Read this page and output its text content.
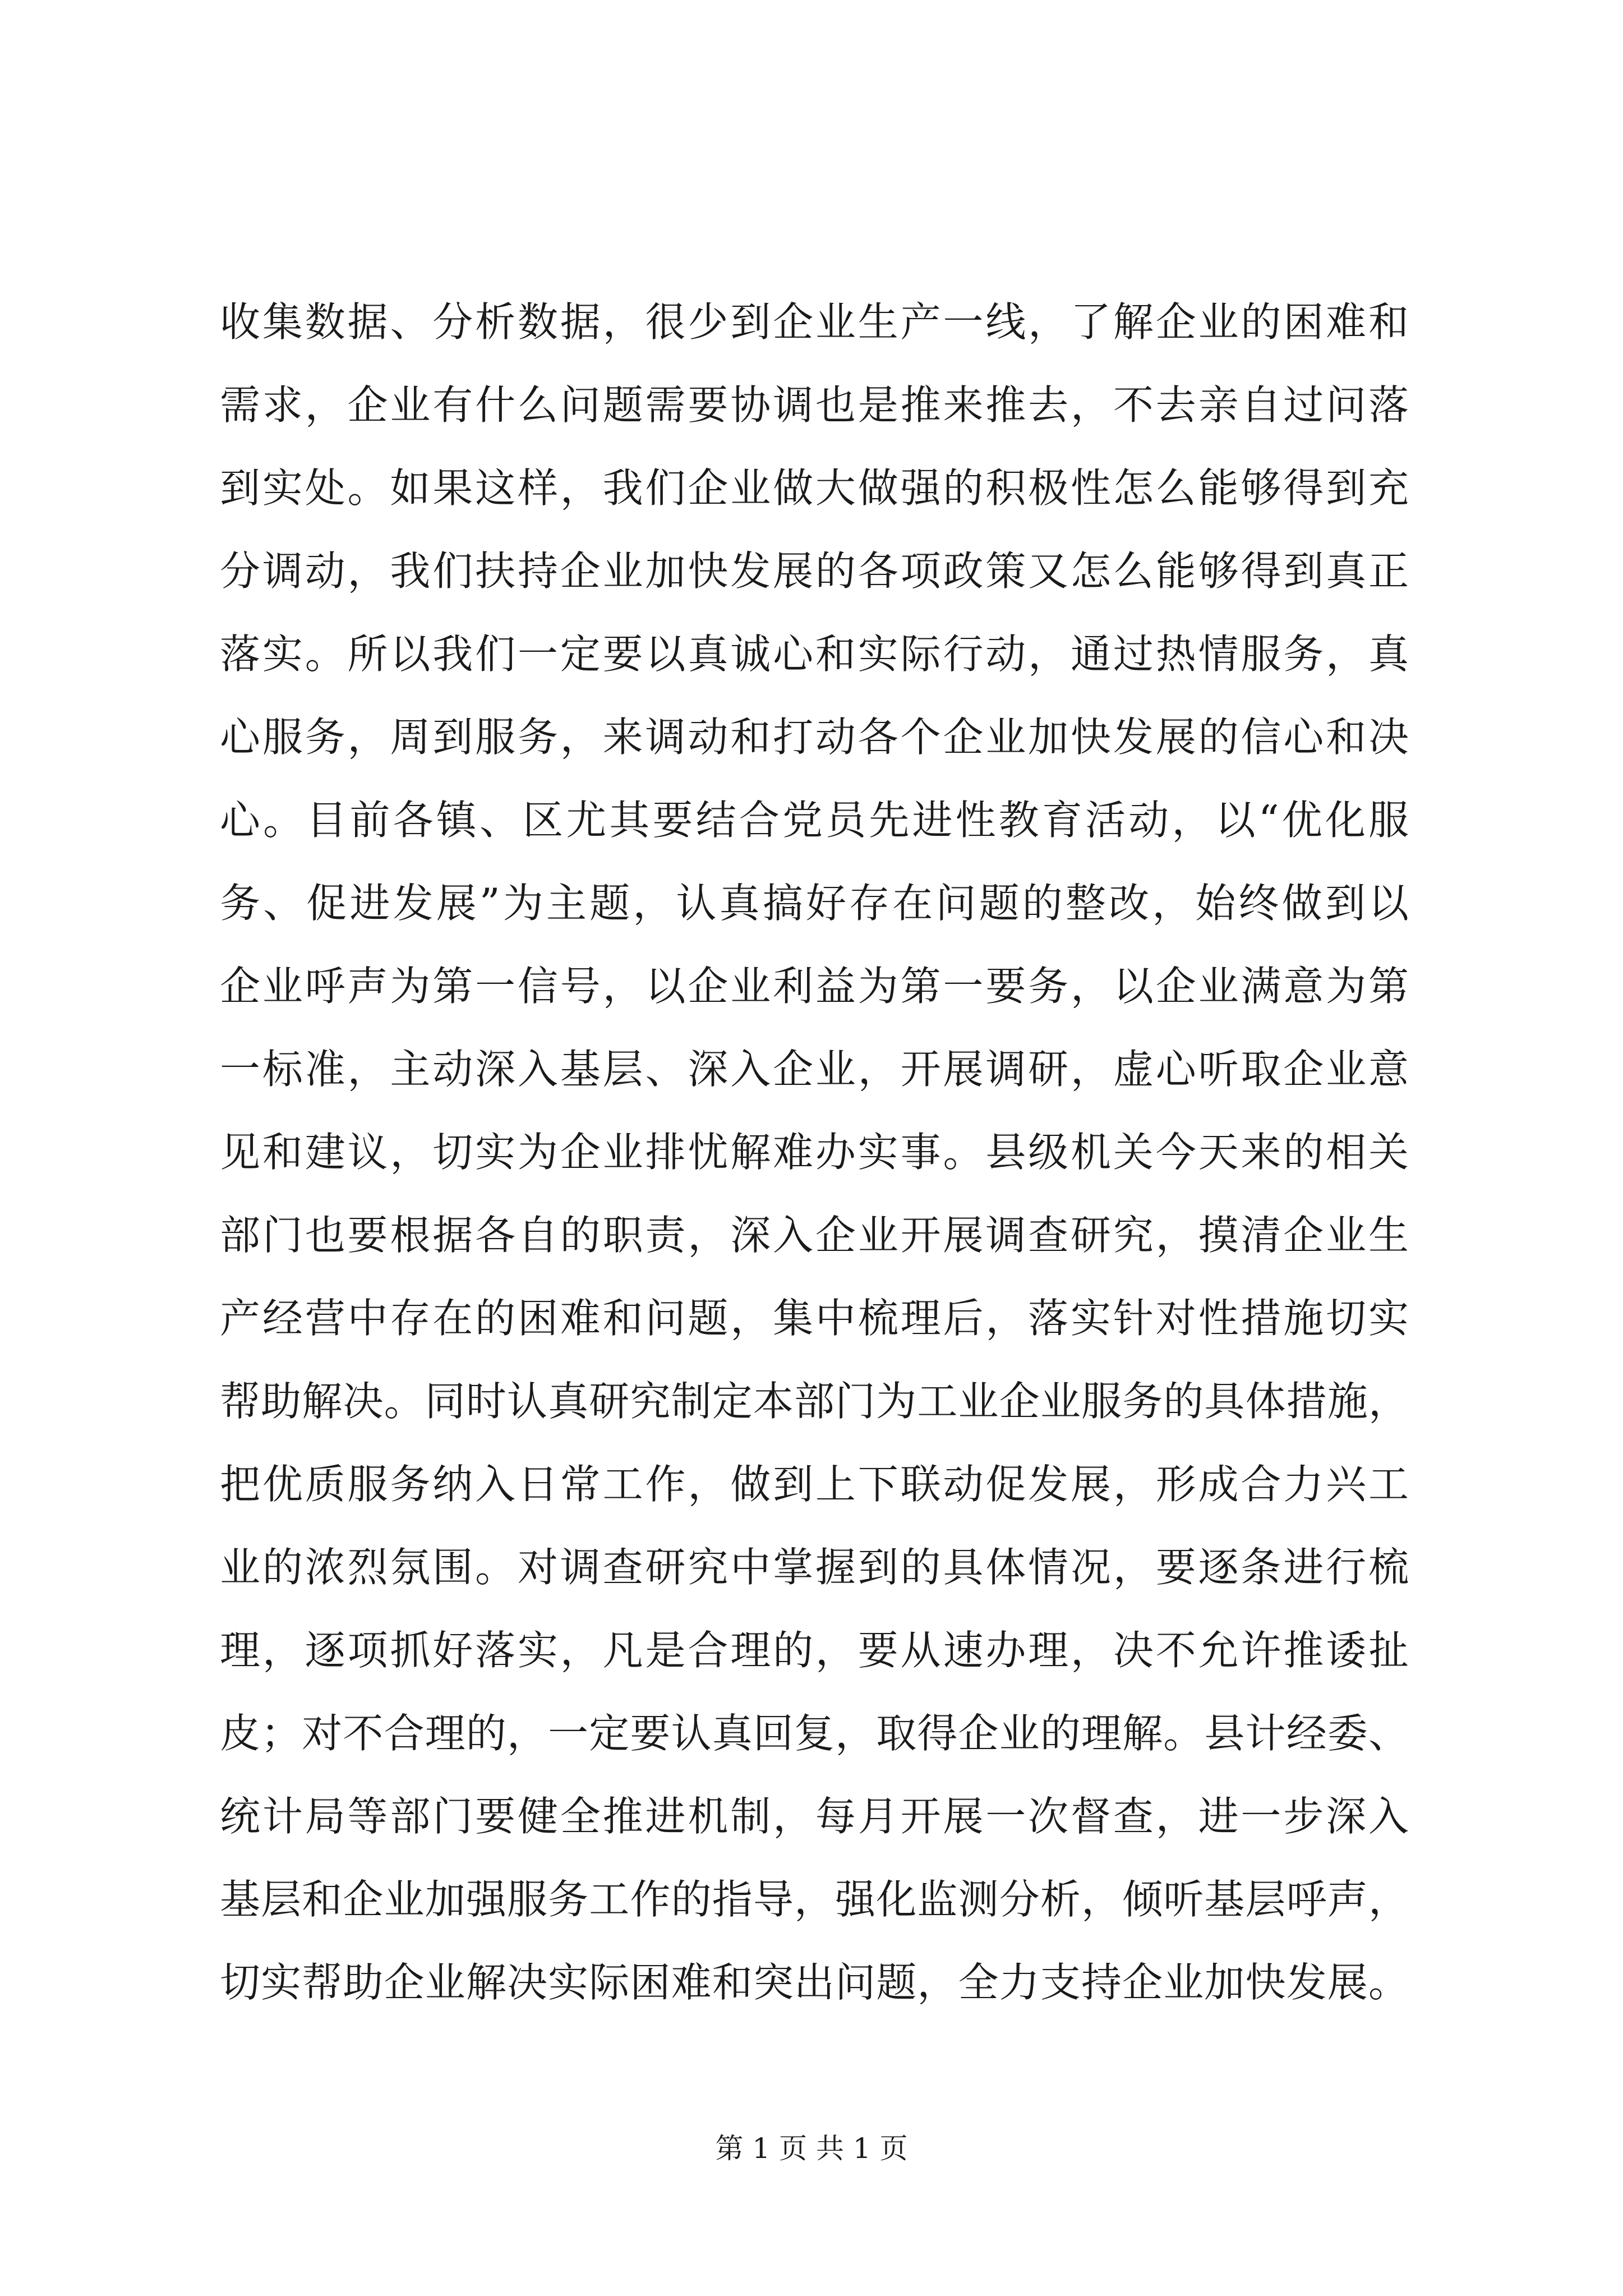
收集数据、分析数据，很少到企业生产一线，了解企业的困难和
需求，企业有什么问题需要协调也是推来推去，不去亲自过问落
到实处。如果这样，我们企业做大做强的积极性怎么能够得到充
分调动，我们扶持企业加快发展的各项政策又怎么能够得到真正
落实。所以我们一定要以真诚心和实际行动，通过热情服务，真
心服务，周到服务，来调动和打动各个企业加快发展的信心和决
心。目前各镇、区尤其要结合党员先进性教育活动，以“优化服
务、促进发展”为主题，认真搞好存在问题的整改，始终做到以
企业呼声为第一信号，以企业利益为第一要务，以企业满意为第
一标准，主动深入基层、深入企业，开展调研，虚心听取企业意
见和建议，切实为企业排忧解难办实事。县级机关今天来的相关
部门也要根据各自的职责，深入企业开展调查研究，摸清企业生
产经营中存在的困难和问题，集中梳理后，落实针对性措施切实
帮助解决。同时认真研究制定本部门为工业企业服务的具体措施，
把优质服务纳入日常工作，做到上下联动促发展，形成合力兴工
业的浓烈氛围。对调查研究中掌握到的具体情况，要逐条进行梳
理，逐项抓好落实，凡是合理的，要从速办理，决不允许推诿扯
皮；对不合理的，一定要认真回复，取得企业的理解。县计经委、
统计局等部门要健全推进机制，每月开展一次督查，进一步深入
基层和企业加强服务工作的指导，强化监测分析，倾听基层呼声，
切实帮助企业解决实际困难和突出问题，全力支持企业加快发展。
第 1 页 共 1 页
